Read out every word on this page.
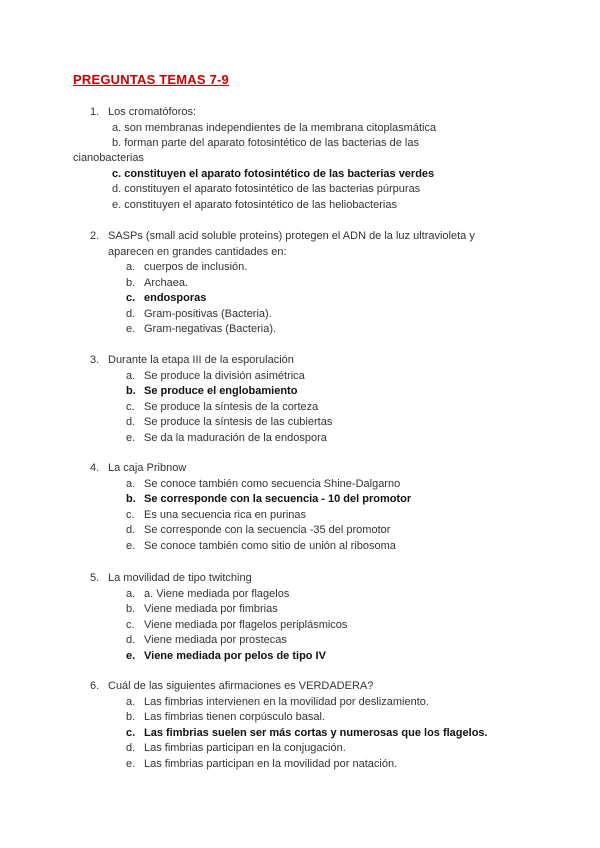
PREGUNTAS TEMAS 7-9
1. Los cromatóforos:
a. son membranas independientes de la membrana citoplasmática
b. forman parte del aparato fotosintético de las bacterias de las
cianobacterias
c. constituyen el aparato fotosintético de las bacterias verdes
d. constituyen el aparato fotosintético de las bacterias púrpuras
e. constituyen el aparato fotosintético de las heliobacterias
2. SASPs (small acid soluble proteins) protegen el ADN de la luz ultravioleta y
aparecen en grandes cantidades en:
a. cuerpos de inclusión.
b. Archaea.
c. endosporas
d. Gram-positivas (Bacteria).
e. Gram-negativas (Bacteria).
3. Durante la etapa III de la esporulación
a. Se produce la división asimétrica
b. Se produce el englobamiento
c. Se produce la síntesis de la corteza
d. Se produce la síntesis de las cubiertas
e. Se da la maduración de la endospora
4. La caja Pribnow
a. Se conoce también como secuencia Shine-Dalgarno
b. Se corresponde con la secuencia - 10 del promotor
c. Es una secuencia rica en purinas
d. Se corresponde con la secuencia -35 del promotor
e. Se conoce también como sitio de unión al ribosoma
5. La movilidad de tipo twitching
a. a. Viene mediada por flagelos
b. Viene mediada por fimbrias
c. Viene mediada por flagelos periplásmicos
d. Viene mediada por prostecas
e. Viene mediada por pelos de tipo IV
6. Cuál de las siguientes afirmaciones es VERDADERA?
a. Las fimbrias intervienen en la movilidad por deslizamiento.
b. Las fimbrias tienen corpúsculo basal.
c. Las fimbrias suelen ser más cortas y numerosas que los flagelos.
d. Las fimbrias participan en la conjugación.
e. Las fimbrias participan en la movilidad por natación.
